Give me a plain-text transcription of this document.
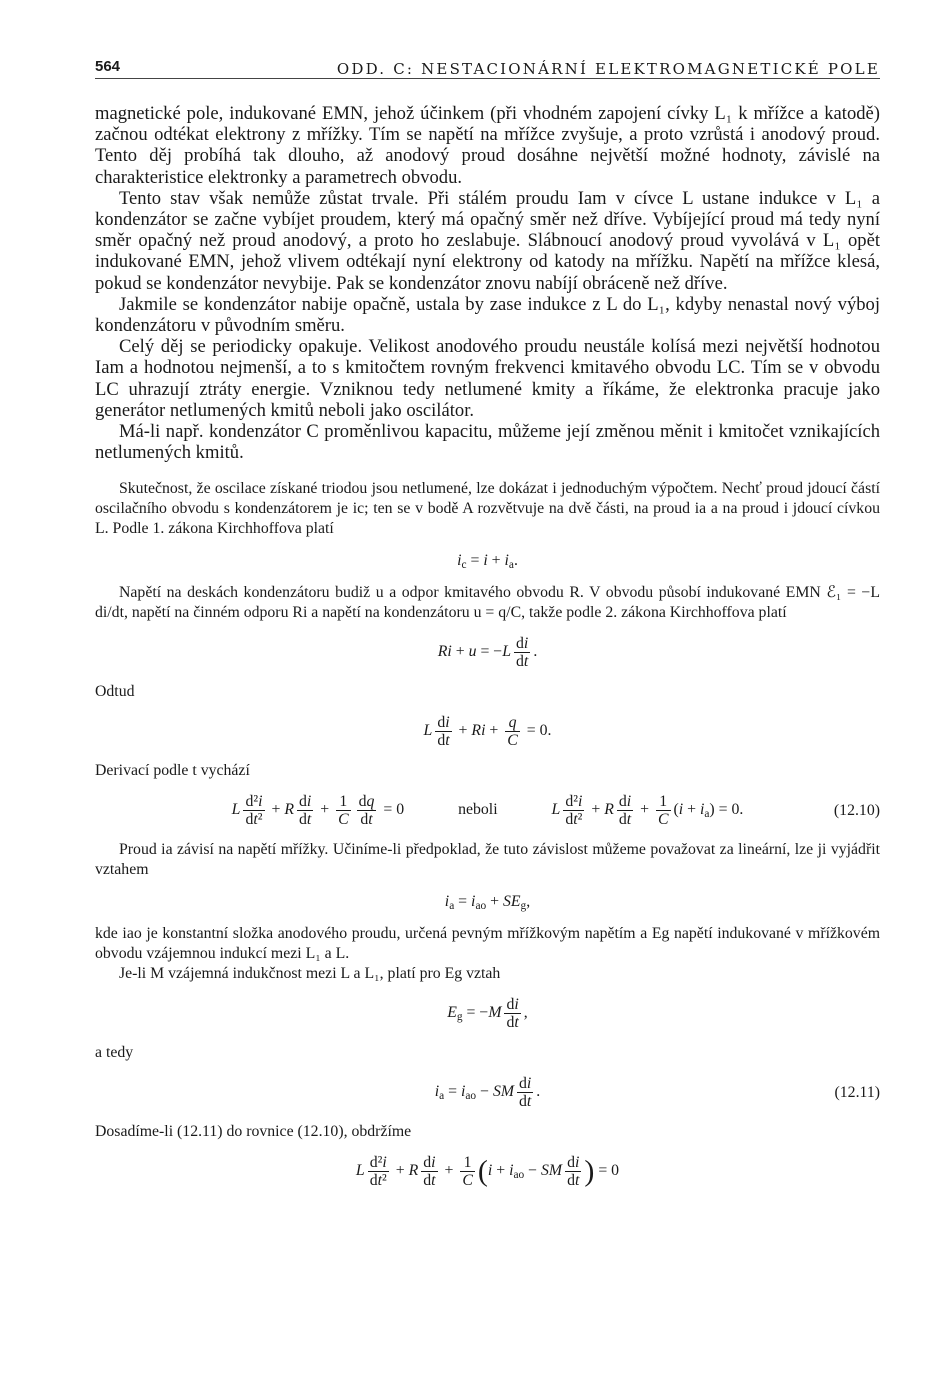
564	ODD. C: NESTACIONÁRNÍ ELEKTROMAGNETICKÉ POLE

magnetické pole, indukované EMN, jehož účinkem (při vhodném zapojení cívky L₁ k mřížce a katodě) začnou odtékat elektrony z mřížky. Tím se napětí na mřížce zvyšuje, a proto vzrůstá i anodový proud. Tento děj probíhá tak dlouho, až anodový proud dosáhne největší možné hodnoty, závislé na charakteristice elektronky a parametrech obvodu.

Tento stav však nemůže zůstat trvale. Při stálém proudu Iam v cívce L ustane indukce v L₁ a kondenzátor se začne vybíjet proudem, který má opačný směr než dříve. Vybíjející proud má tedy nyní směr opačný než proud anodový, a proto ho zeslabuje. Slábnoucí anodový proud vyvolává v L₁ opět indukované EMN, jehož vlivem odtékají nyní elektrony od katody na mřížku. Napětí na mřížce klesá, pokud se kondenzátor nevybije. Pak se kondenzátor znovu nabíjí obráceně než dříve.

Jakmile se kondenzátor nabije opačně, ustala by zase indukce z L do L₁, kdyby nenastal nový výboj kondenzátoru v původním směru.

Celý děj se periodicky opakuje. Velikost anodového proudu neustále kolísá mezi největší hodnotou Iam a hodnotou nejmenší, a to s kmitočtem rovným frekvenci kmitavého obvodu LC. Tím se v obvodu LC uhrazují ztráty energie. Vzniknou tedy netlumené kmity a říkáme, že elektronka pracuje jako generátor netlumených kmitů neboli jako oscilátor.

Má-li např. kondenzátor C proměnlivou kapacitu, můžeme její změnou měnit i kmitočet vznikajících netlumených kmitů.

Skutečnost, že oscilace získané triodou jsou netlumené, lze dokázat i jednoduchým výpočtem. Nechť proud jdoucí částí oscilačního obvodu s kondenzátorem je ic; ten se v bodě A rozvětvuje na dvě části, na proud ia a na proud i jdoucí cívkou L. Podle 1. zákona Kirchhoffova platí

$i_c = i + i_a$.

Napětí na deskách kondenzátoru budiž u a odpor kmitavého obvodu R. V obvodu působí indukované EMN ℰ₁ = −L di/dt, napětí na činném odporu Ri a napětí na kondenzátoru u = q/C, takže podle 2. zákona Kirchhoffova platí

$Ri + u = -L \frac{di}{dt}$ .

Odtud

L $\frac{di}{dt} + Ri + \frac{q}{C} = 0$.

Derivací podle t vychází

L $\frac{\text{d²i}}{\text{dt²}} + R \frac{di}{dt} + \frac{1}{C} \frac{dq}{dt} = 0$	neboli	L $\frac{\text{d²i}}{\text{dt²}} + R \frac{di}{dt} + \frac{1}{C} (i + i_a) = 0$.	(12.10)

Proud ia závisí na napětí mřížky. Učiníme-li předpoklad, že tuto závislost můžeme považovat za lineární, lze ji vyjádřit vztahem

$i_a = i_{ao} + SE_g$,

kde iao je konstantní složka anodového proudu, určená pevným mřížkovým napětím a Eg napětí indukované v mřížkovém obvodu vzájemnou indukcí mezi L₁ a L.

Je-li M vzájemná indukčnost mezi L a L₁, platí pro Eg vztah

$E_g = -M \frac{di}{dt}$ ,

a tedy

$i_a = i_{ao}$ − SM $\frac{di}{dt}$ .	(12.11)

Dosadíme-li (12.11) do rovnice (12.10), obdržíme

L $\frac{\text{d²i}}{\text{dt²}} + R \frac{di}{dt} + \frac{1}{C} (i + i_{ao}$ − SM $\frac{di}{dt}$ ) = 0
